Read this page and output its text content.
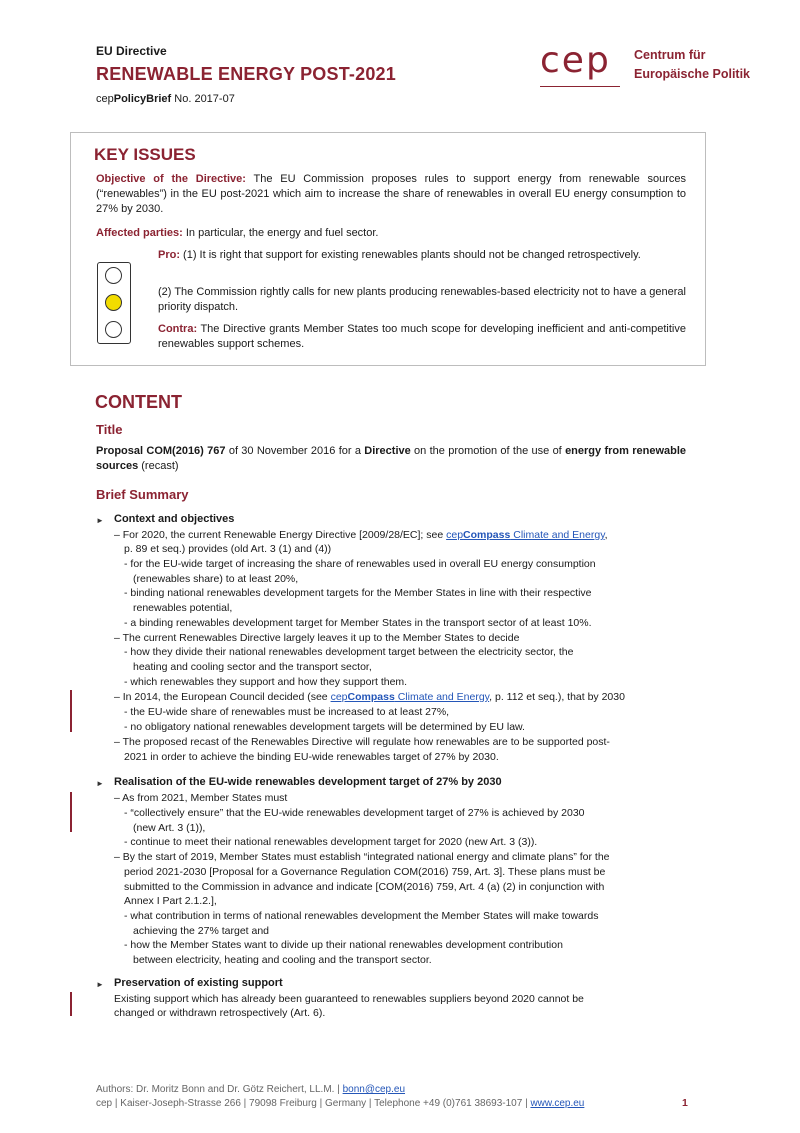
EU Directive
RENEWABLE ENERGY POST-2021
cepPolicyBrief No. 2017-07
cep Centrum für
Europäische Politik
KEY ISSUES
Objective of the Directive: The EU Commission proposes rules to support energy from renewable sources (“renewables”) in the EU post-2021 which aim to increase the share of renewables in overall EU energy consumption to 27% by 2030.
Affected parties: In particular, the energy and fuel sector.
Pro: (1) It is right that support for existing renewables plants should not be changed retrospectively.
(2) The Commission rightly calls for new plants producing renewables-based electricity not to have a general priority dispatch.
Contra: The Directive grants Member States too much scope for developing inefficient and anti-competitive renewables support schemes.
CONTENT
Title
Proposal COM(2016) 767 of 30 November 2016 for a Directive on the promotion of the use of energy from renewable sources (recast)
Brief Summary
► Context and objectives
– For 2020, the current Renewable Energy Directive [2009/28/EC]; see cepCompass Climate and Energy,
p. 89 et seq.) provides (old Art. 3 (1) and (4))
- for the EU-wide target of increasing the share of renewables used in overall EU energy consumption
(renewables share) to at least 20%,
- binding national renewables development targets for the Member States in line with their respective
renewables potential,
- a binding renewables development target for Member States in the transport sector of at least 10%.
– The current Renewables Directive largely leaves it up to the Member States to decide
- how they divide their national renewables development target between the electricity sector, the
heating and cooling sector and the transport sector,
- which renewables they support and how they support them.
– In 2014, the European Council decided (see cepCompass Climate and Energy, p. 112 et seq.), that by 2030
- the EU-wide share of renewables must be increased to at least 27%,
- no obligatory national renewables development targets will be determined by EU law.
– The proposed recast of the Renewables Directive will regulate how renewables are to be supported post-
2021 in order to achieve the binding EU-wide renewables target of 27% by 2030.
► Realisation of the EU-wide renewables development target of 27% by 2030
– As from 2021, Member States must
- “collectively ensure” that the EU-wide renewables development target of 27% is achieved by 2030
(new Art. 3 (1)),
- continue to meet their national renewables development target for 2020 (new Art. 3 (3)).
– By the start of 2019, Member States must establish “integrated national energy and climate plans” for the
period 2021-2030 [Proposal for a Governance Regulation COM(2016) 759, Art. 3]. These plans must be
submitted to the Commission in advance and indicate [COM(2016) 759, Art. 4 (a) (2) in conjunction with
Annex I Part 2.1.2.],
- what contribution in terms of national renewables development the Member States will make towards
achieving the 27% target and
- how the Member States want to divide up their national renewables development contribution
between electricity, heating and cooling and the transport sector.
► Preservation of existing support
Existing support which has already been guaranteed to renewables suppliers beyond 2020 cannot be
changed or withdrawn retrospectively (Art. 6).
Authors: Dr. Moritz Bonn and Dr. Götz Reichert, LL.M. | bonn@cep.eu
cep | Kaiser-Joseph-Strasse 266 | 79098 Freiburg | Germany | Telephone +49 (0)761 38693-107 | www.cep.eu	1
